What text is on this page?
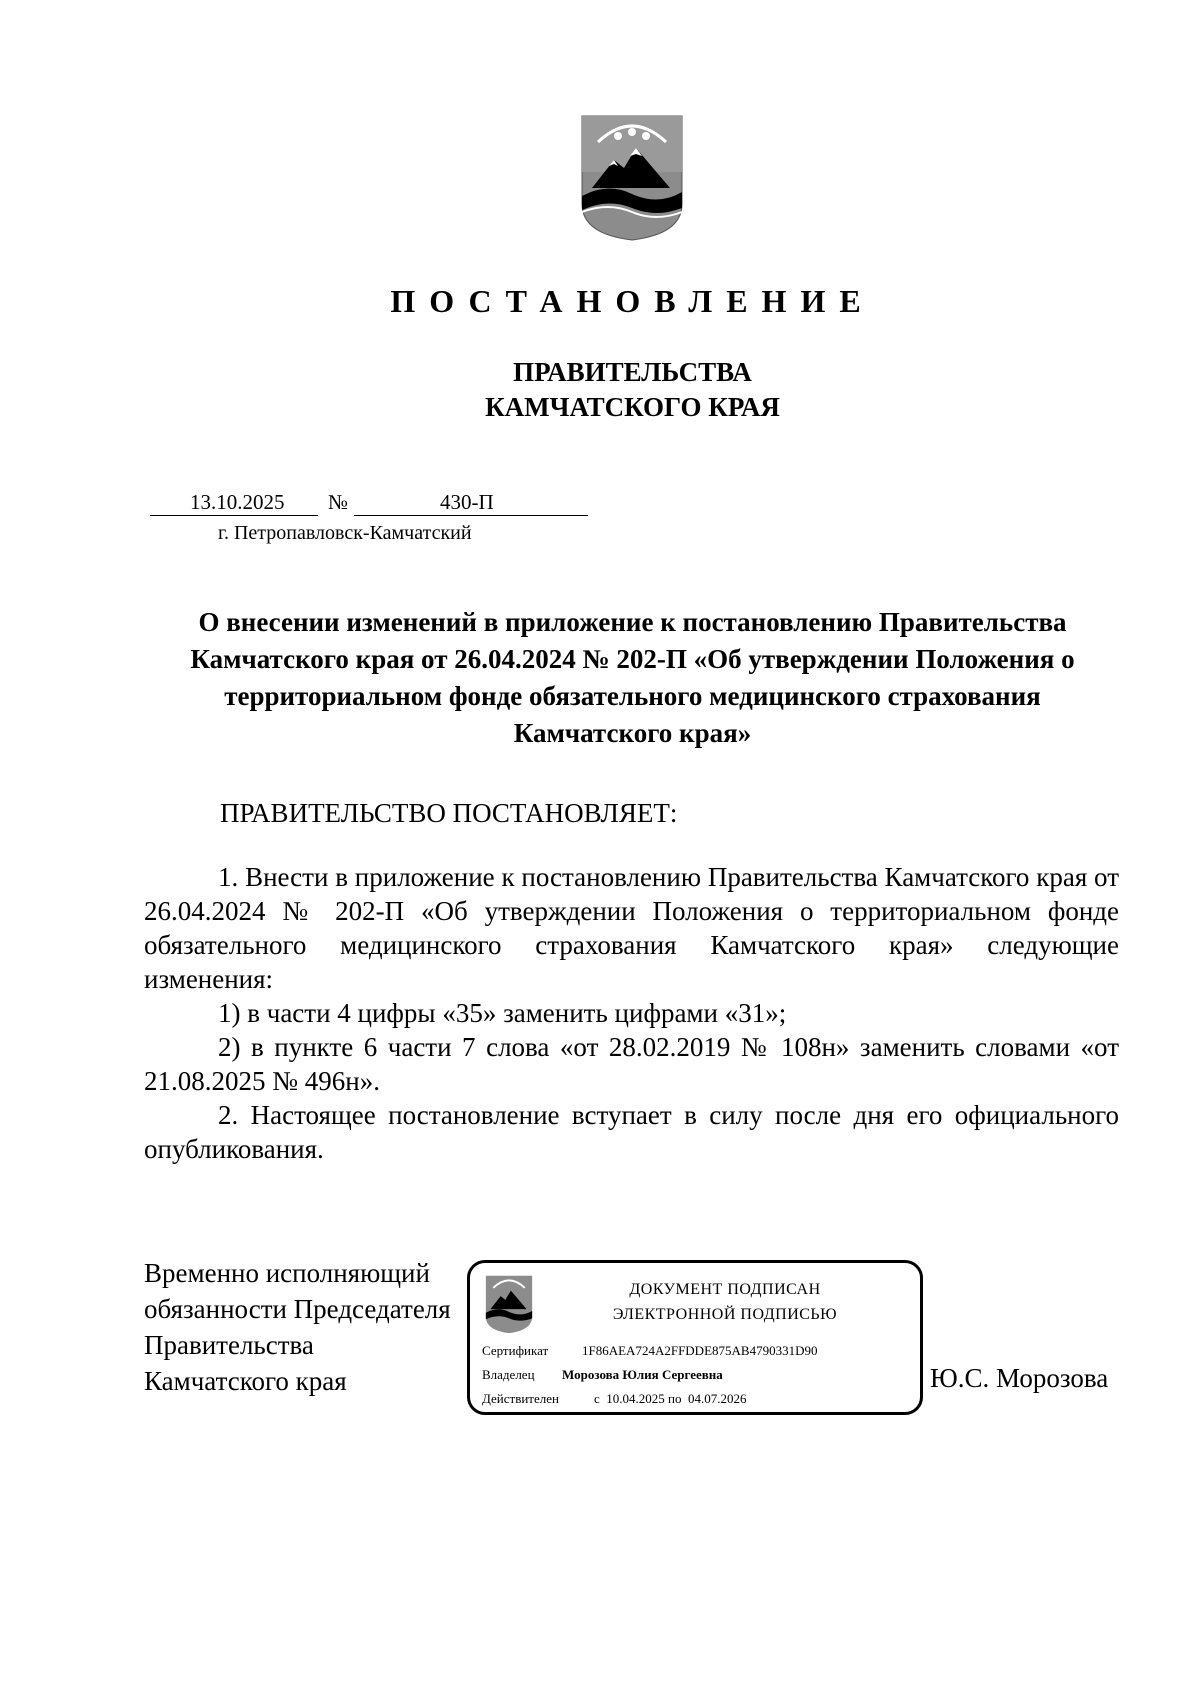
ПОСТАНОВЛЕНИЕ
ПРАВИТЕЛЬСТВА
КАМЧАТСКОГО КРАЯ
13.10.2025 №	430-П
г. Петропавловск-Камчатский
О внесении изменений в приложение к постановлению Правительства Камчатского края от 26.04.2024 № 202-П «Об утверждении Положения о территориальном фонде обязательного медицинского страхования Камчатского края»
ПРАВИТЕЛЬСТВО ПОСТАНОВЛЯЕТ:

1. Внести в приложение к постановлению Правительства Камчатского края от 26.04.2024 № 202-П «Об утверждении Положения о территориальном фонде обязательного медицинского страхования Камчатского края» следующие изменения:

1) в части 4 цифры «35» заменить цифрами «31»;

2) в пункте 6 части 7 слова «от 28.02.2019 № 108н» заменить словами «от 21.08.2025 № 496н».

2. Настоящее постановление вступает в силу после дня его официального опубликования.

Временно исполняющий
обязанности Председателя
Правительства
Камчатского края	Ю.С. Морозова
ДОКУМЕНТ ПОДПИСАН
ЭЛЕКТРОННОЙ ПОДПИСЬЮ
Сертификат	1F86AEA724A2FFDDE875AB4790331D90
Владелец Морозова Юлия Сергеевна
Действителен	с  10.04.2025 по  04.07.2026
